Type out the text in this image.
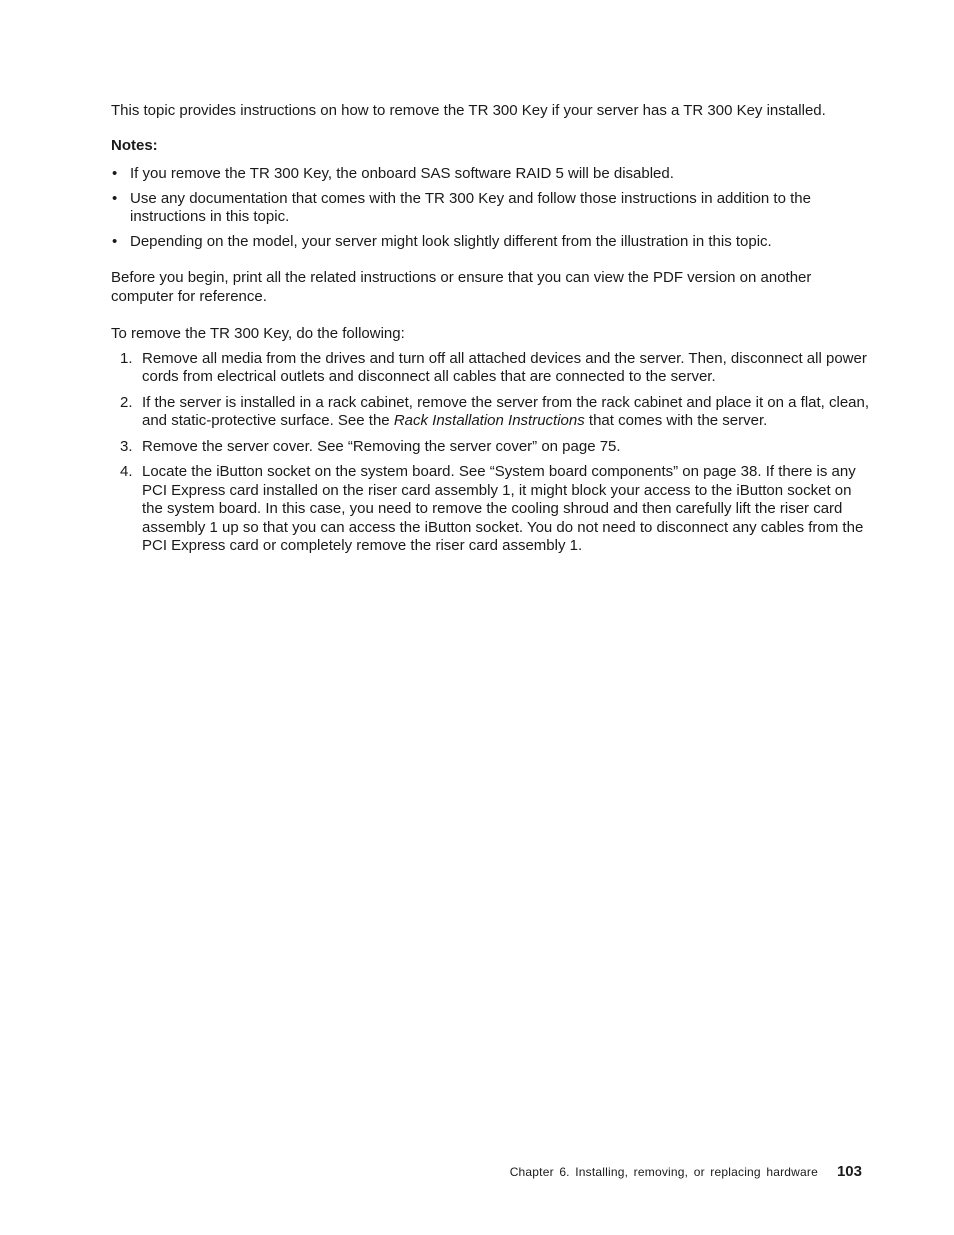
This topic provides instructions on how to remove the TR 300 Key if your server has a TR 300 Key installed.

Notes:

• If you remove the TR 300 Key, the onboard SAS software RAID 5 will be disabled.
• Use any documentation that comes with the TR 300 Key and follow those instructions in addition to the instructions in this topic.
• Depending on the model, your server might look slightly different from the illustration in this topic.

Before you begin, print all the related instructions or ensure that you can view the PDF version on another computer for reference.

To remove the TR 300 Key, do the following:

1. Remove all media from the drives and turn off all attached devices and the server. Then, disconnect all power cords from electrical outlets and disconnect all cables that are connected to the server.
2. If the server is installed in a rack cabinet, remove the server from the rack cabinet and place it on a flat, clean, and static-protective surface. See the Rack Installation Instructions that comes with the server.
3. Remove the server cover. See “Removing the server cover” on page 75.
4. Locate the iButton socket on the system board. See “System board components” on page 38. If there is any PCI Express card installed on the riser card assembly 1, it might block your access to the iButton socket on the system board. In this case, you need to remove the cooling shroud and then carefully lift the riser card assembly 1 up so that you can access the iButton socket. You do not need to disconnect any cables from the PCI Express card or completely remove the riser card assembly 1.
Chapter 6. Installing, removing, or replacing hardware 103
